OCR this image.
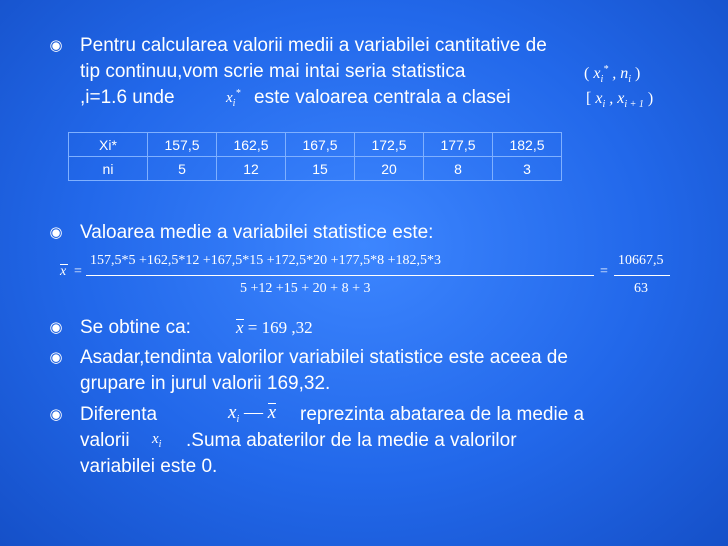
◉
Pentru calcularea valorii medii a variabilei cantitative de
tip continuu,vom scrie mai intai seria statistica	( $x_i^*$ , $n_i$ )
,i=1.6 unde	$x_i^*$ este valoarea centrala a clasei	[ $x_i$ , $x_{i + 1}$ )
Xi*	157,5	162,5	167,5	172,5	177,5	182,5
ni	5	12	15	20	8	3
◉
Valoarea medie a variabilei statistice este:
x =
157,5*5 +162,5*12 +167,5*15 +172,5*20 +177,5*8 +182,5*3
5 +12 +15 + 20 + 8 + 3
=
10667,5
63
◉
Se obtine ca:	x = 169 ,32
◉
Asadar,tendinta valorilor variabilei statistice este aceea de
grupare in jurul valorii 169,32.
◉
Diferenta	$x_i$ — x reprezinta abatarea de la medie a
valorii $x_i$ .Suma abaterilor de la medie a valorilor
variabilei este 0.
